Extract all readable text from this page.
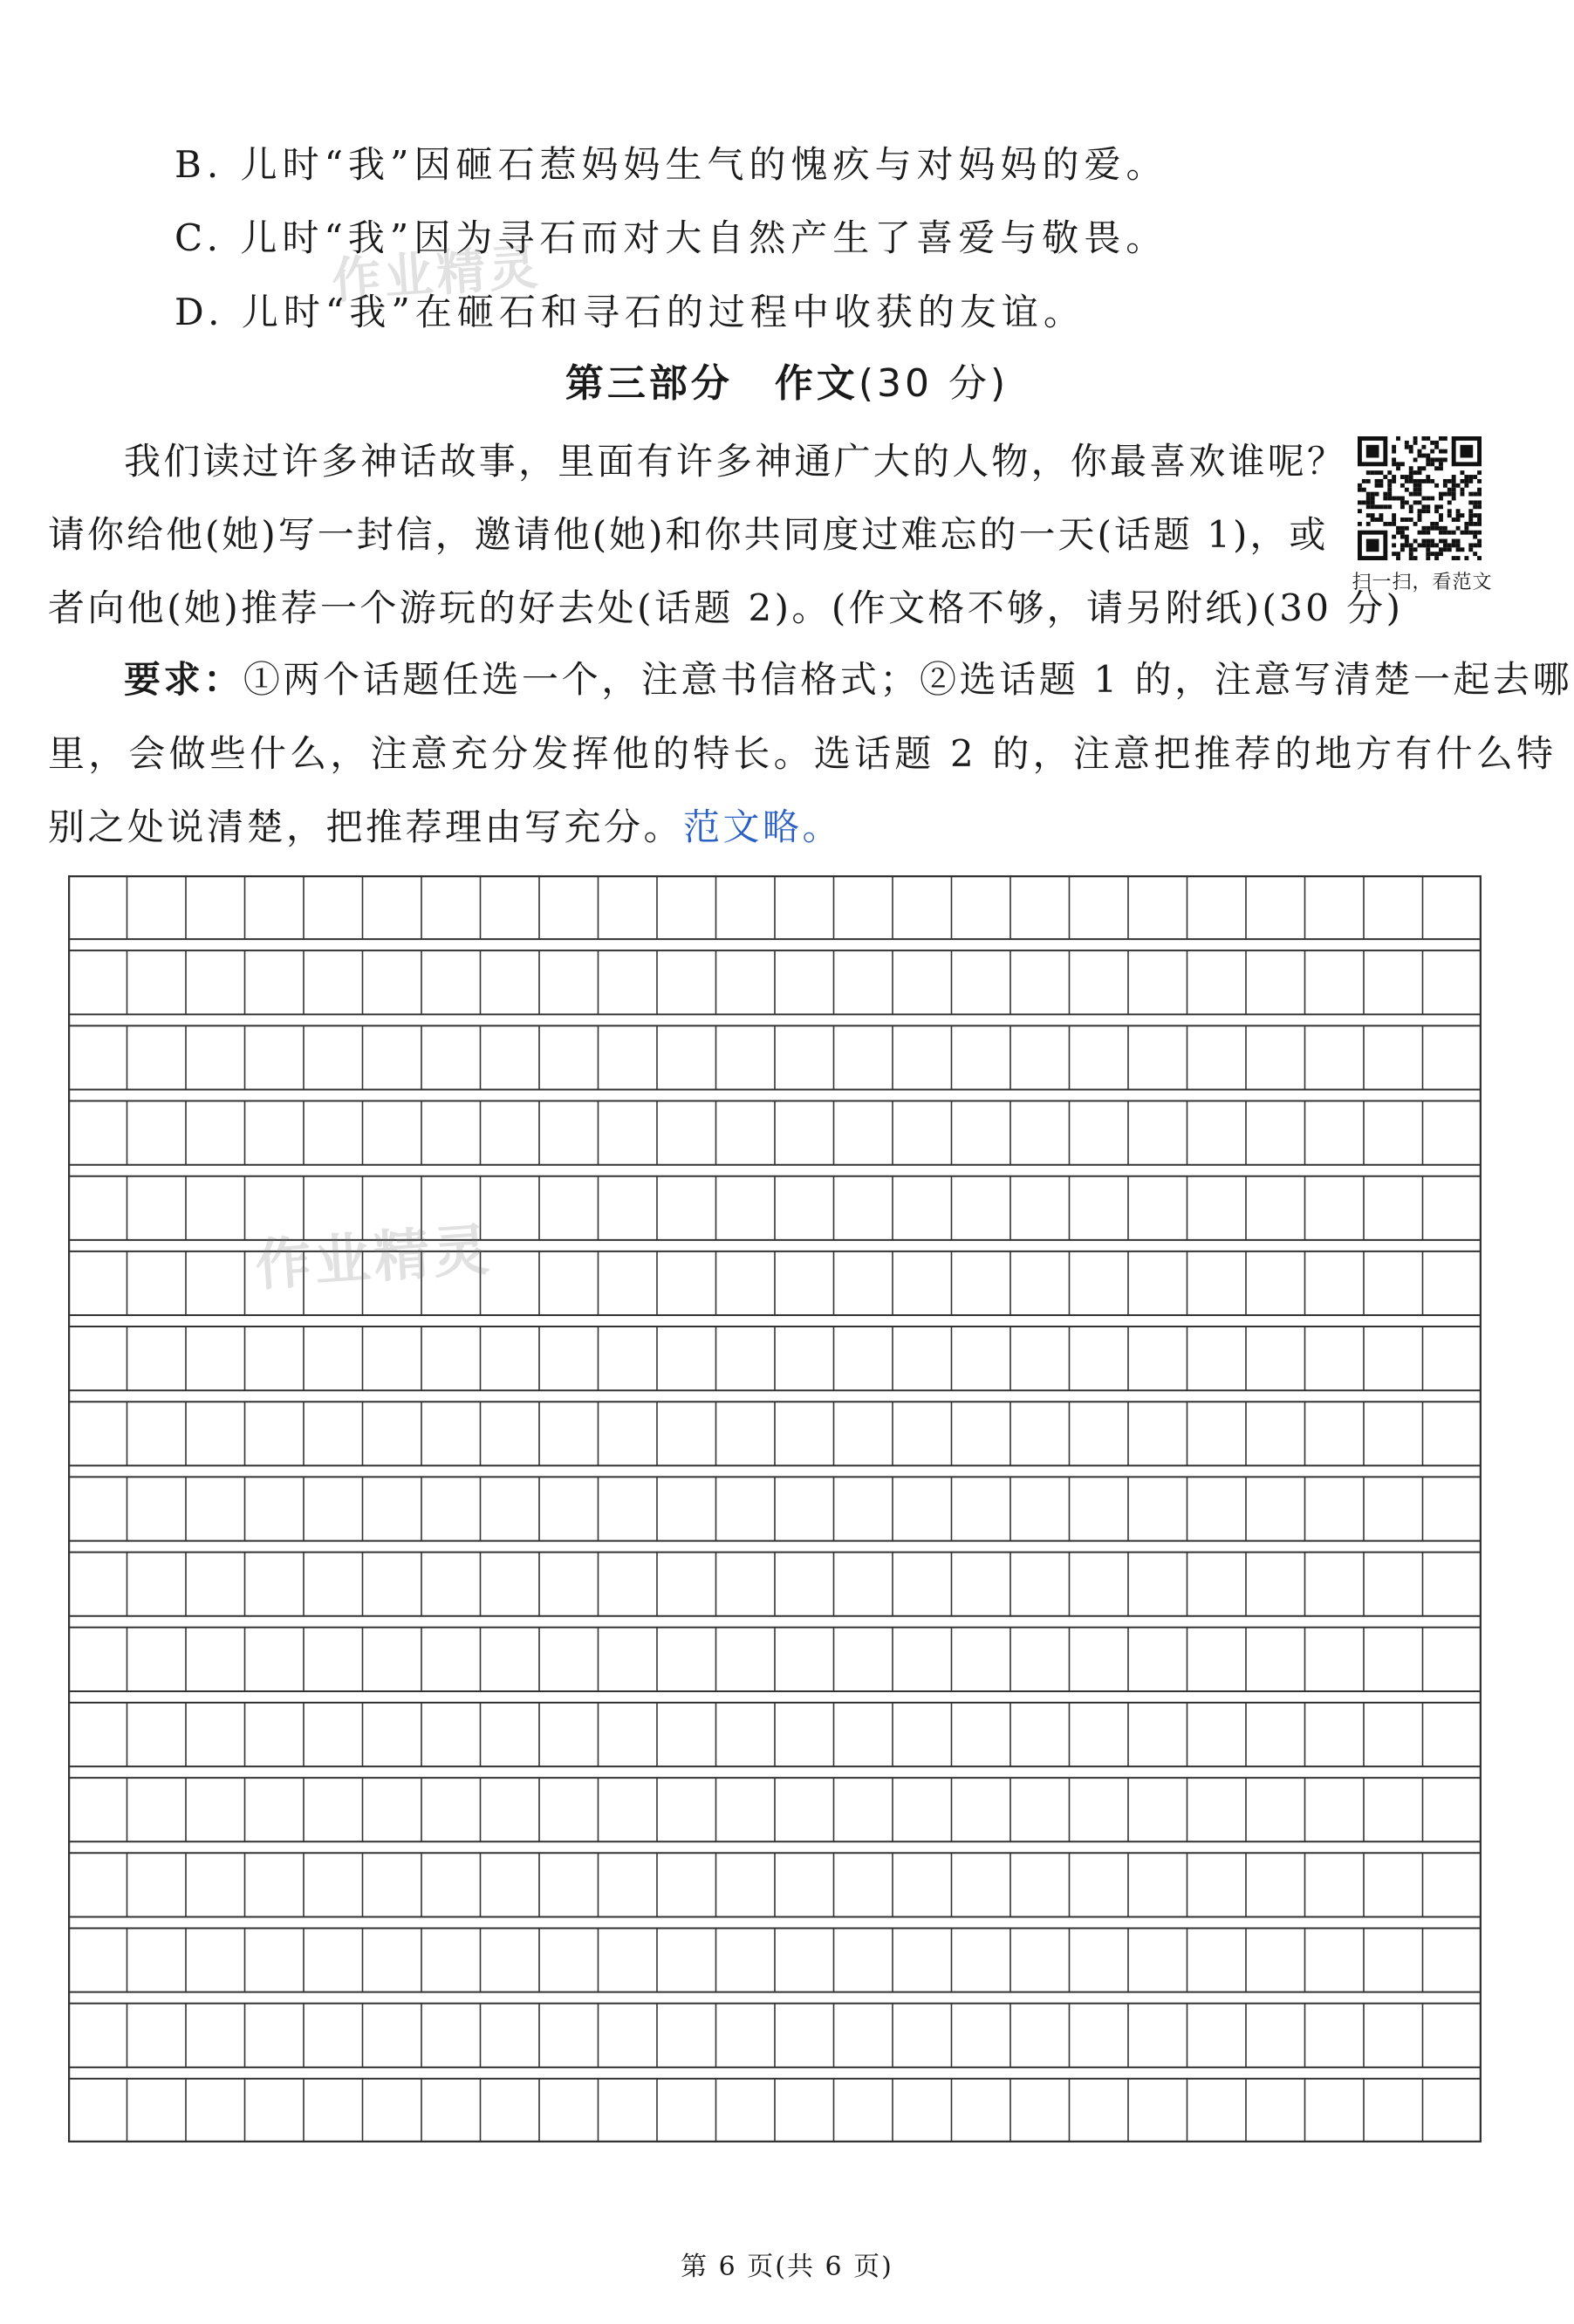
B. 儿时“我”因砸石惹妈妈生气的愧疚与对妈妈的爱。
C. 儿时“我”因为寻石而对大自然产生了喜爱与敬畏。
D. 儿时“我”在砸石和寻石的过程中收获的友谊。
第三部分　作文(30 分)
我们读过许多神话故事，里面有许多神通广大的人物，你最喜欢谁呢？
请你给他(她)写一封信，邀请他(她)和你共同度过难忘的一天(话题 1)，或
者向他(她)推荐一个游玩的好去处(话题 2)。(作文格不够，请另附纸)(30 分)
要求：①两个话题任选一个，注意书信格式；②选话题 1 的，注意写清楚一起去哪
里，会做些什么，注意充分发挥他的特长。选话题 2 的，注意把推荐的地方有什么特
别之处说清楚，把推荐理由写充分。范文略。
扫一扫，看范文
作业精灵
作业精灵
第 6 页(共 6 页)
